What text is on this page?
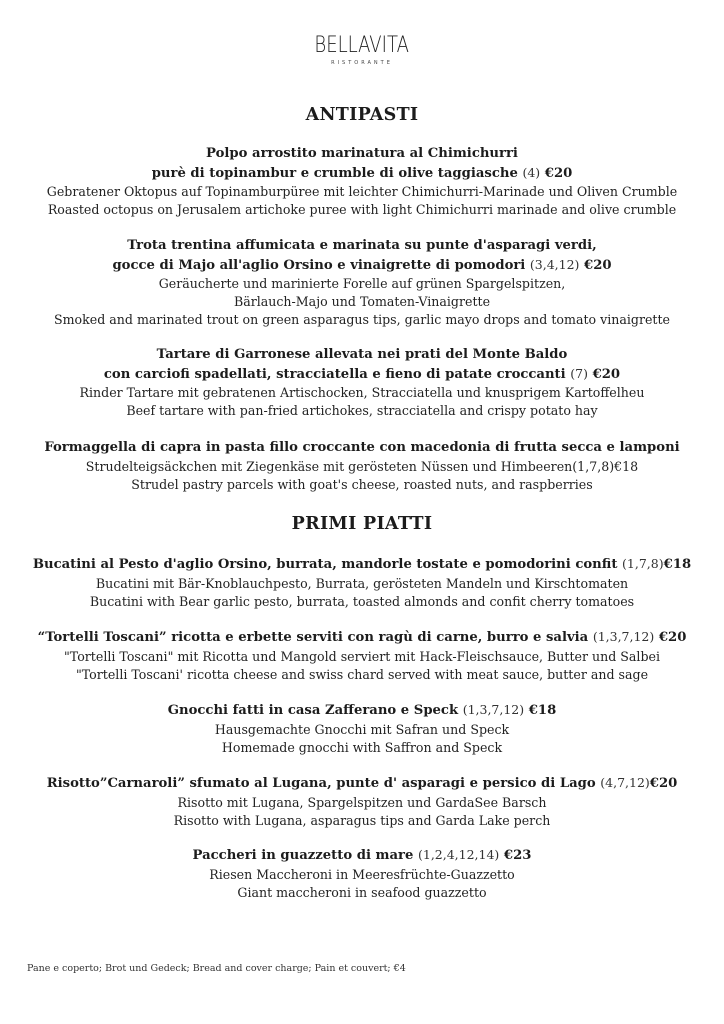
BELLAVITA
RISTORANTE
ANTIPASTI
Polpo arrostito marinatura al Chimichurri
purè di topinambur e crumble di olive taggiasche (4) €20
Gebratener Oktopus auf Topinamburpüree mit leichter Chimichurri-Marinade und Oliven Crumble
Roasted octopus on Jerusalem artichoke puree with light Chimichurri marinade and olive crumble
Trota trentina affumicata e marinata su punte d'asparagi verdi,
gocce di Majo all'aglio Orsino e vinaigrette di pomodori (3,4,12) €20
Geräucherte und marinierte Forelle auf grünen Spargelspitzen,
Bärlauch-Majo und Tomaten-Vinaigrette
Smoked and marinated trout on green asparagus tips, garlic mayo drops and tomato vinaigrette
Tartare di Garronese allevata nei prati del Monte Baldo
con carciofi spadellati, stracciatella e fieno di patate croccanti (7) €20
Rinder Tartare mit gebratenen Artischocken, Stracciatella und knusprigem Kartoffelheu
Beef tartare with pan-fried artichokes, stracciatella and crispy potato hay
Formaggella di capra in pasta fillo croccante con macedonia di frutta secca e lamponi
Strudelteigsäckchen mit Ziegenkäse mit gerösteten Nüssen und Himbeeren(1,7,8)€18
Strudel pastry parcels with goat's cheese, roasted nuts, and raspberries
PRIMI PIATTI
Bucatini al Pesto d'aglio Orsino, burrata, mandorle tostate e pomodorini confit (1,7,8)€18
Bucatini mit Bär-Knoblauchpesto, Burrata, gerösteten Mandeln und Kirschtomaten
Bucatini with Bear garlic pesto, burrata, toasted almonds and confit cherry tomatoes
“Tortelli Toscani” ricotta e erbette serviti con ragù di carne, burro e salvia (1,3,7,12) €20
"Tortelli Toscani" mit Ricotta und Mangold serviert mit Hack-Fleischsauce, Butter und Salbei
"Tortelli Toscani' ricotta cheese and swiss chard served with meat sauce, butter and sage
Gnocchi fatti in casa Zafferano e Speck (1,3,7,12) €18
Hausgemachte Gnocchi mit Safran und Speck
Homemade gnocchi with Saffron and Speck
Risotto”Carnaroli” sfumato al Lugana, punte d' asparagi e persico di Lago (4,7,12)€20
Risotto mit Lugana, Spargelspitzen und GardaSee Barsch
Risotto with Lugana, asparagus tips and Garda Lake perch
Paccheri in guazzetto di mare (1,2,4,12,14) €23
Riesen Maccheroni in Meeresfrüchte-Guazzetto
Giant maccheroni in seafood guazzetto
Pane e coperto; Brot und Gedeck; Bread and cover charge; Pain et couvert; €4
